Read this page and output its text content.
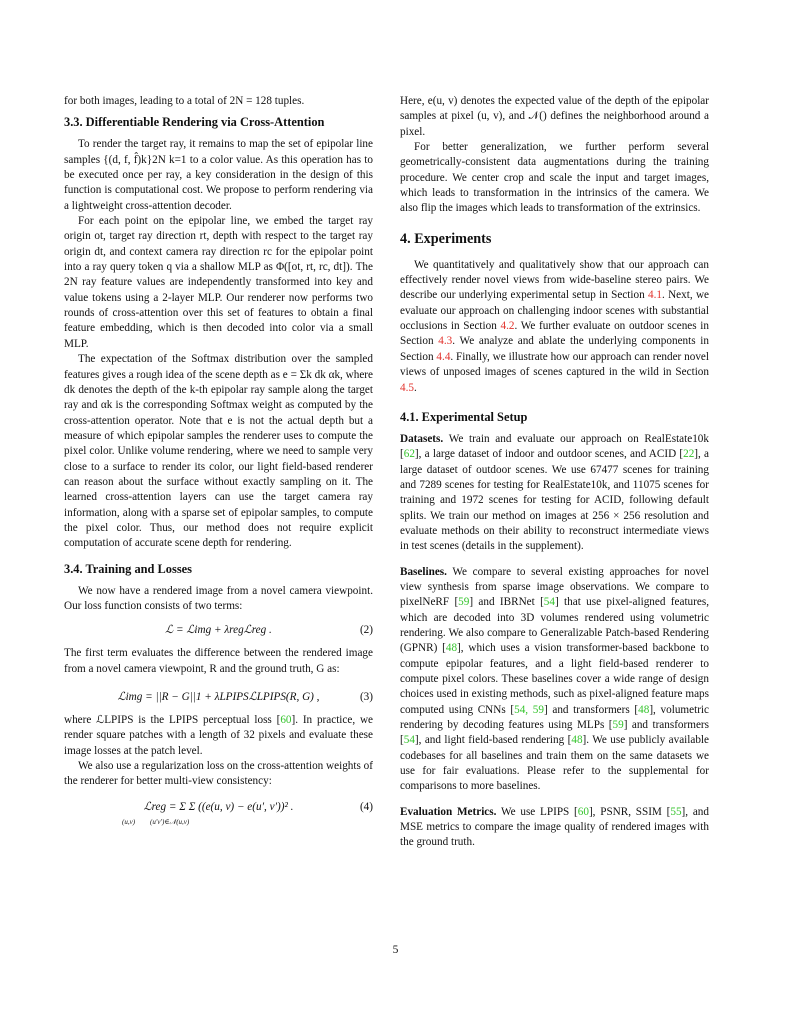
for both images, leading to a total of 2N = 128 tuples.

3.3. Differentiable Rendering via Cross-Attention

To render the target ray, it remains to map the set of epipolar line samples {(d, f, f̂)k}2N k=1 to a color value. As this operation has to be executed once per ray, a key consideration in the design of this function is computational cost. We propose to perform rendering via a lightweight cross-attention decoder.

For each point on the epipolar line, we embed the target ray origin ot, target ray direction rt, depth with respect to the target ray origin dt, and context camera ray direction rc for the epipolar point into a ray query token q via a shallow MLP as Φ([ot, rt, rc, dt]). The 2N ray feature values are independently transformed into key and value tokens using a 2-layer MLP. Our renderer now performs two rounds of cross-attention over this set of features to obtain a final feature embedding, which is then decoded into color via a small MLP.

The expectation of the Softmax distribution over the sampled features gives a rough idea of the scene depth as e = Σk dk αk, where dk denotes the depth of the k-th epipolar ray sample along the target ray and αk is the corresponding Softmax weight as computed by the cross-attention operator. Note that e is not the actual depth but a measure of which epipolar samples the renderer uses to compute the pixel color. Unlike volume rendering, where we need to sample very close to a surface to render its color, our light field-based renderer can reason about the surface without exactly sampling on it. The learned cross-attention layers can use the target camera ray information, along with a sparse set of epipolar samples, to compute the pixel color. Thus, our method does not require explicit computation of accurate scene depth for rendering.

3.4. Training and Losses

We now have a rendered image from a novel camera viewpoint. Our loss function consists of two terms:

ℒ = ℒimg + λregℒreg .	(2)

The first term evaluates the difference between the rendered image from a novel camera viewpoint, R and the ground truth, G as:

ℒimg = ||R − G||1 + λLPIPSℒLPIPS(R, G) ,	(3)

where ℒLPIPS is the LPIPS perceptual loss [60]. In practice, we render square patches with a length of 32 pixels and evaluate these image losses at the patch level.

We also use a regularization loss on the cross-attention weights of the renderer for better multi-view consistency:

ℒreg = Σ Σ ((e(u, v) − e(u′, v′))² .
(u,v) (u′v′)∈𝒩(u,v)
(4)

Here, e(u, v) denotes the expected value of the depth of the epipolar samples at pixel (u, v), and 𝒩() defines the neighborhood around a pixel.

For better generalization, we further perform several geometrically-consistent data augmentations during the training procedure. We center crop and scale the input and target images, which leads to transformation in the intrinsics of the camera. We also flip the images which leads to transformation of the extrinsics.

4. Experiments

We quantitatively and qualitatively show that our approach can effectively render novel views from wide-baseline stereo pairs. We describe our underlying experimental setup in Section 4.1. Next, we evaluate our approach on challenging indoor scenes with substantial occlusions in Section 4.2. We further evaluate on outdoor scenes in Section 4.3. We analyze and ablate the underlying components in Section 4.4. Finally, we illustrate how our approach can render novel views of unposed images of scenes captured in the wild in Section 4.5.

4.1. Experimental Setup

Datasets. We train and evaluate our approach on RealEstate10k [62], a large dataset of indoor and outdoor scenes, and ACID [22], a large dataset of outdoor scenes. We use 67477 scenes for training and 7289 scenes for testing for RealEstate10k, and 11075 scenes for training and 1972 scenes for testing for ACID, following default splits. We train our method on images at 256 × 256 resolution and evaluate methods on their ability to reconstruct intermediate views in test scenes (details in the supplement).

Baselines. We compare to several existing approaches for novel view synthesis from sparse image observations. We compare to pixelNeRF [59] and IBRNet [54] that use pixel-aligned features, which are decoded into 3D volumes rendered using volumetric rendering. We also compare to Generalizable Patch-based Rendering (GPNR) [48], which uses a vision transformer-based backbone to compute epipolar features, and a light field-based renderer to compute pixel colors. These baselines cover a wide range of design choices used in existing methods, such as pixel-aligned feature maps computed using CNNs [54, 59] and transformers [48], volumetric rendering by decoding features using MLPs [59] and transformers [54], and light field-based rendering [48]. We use publicly available codebases for all baselines and train them on the same datasets we use for fair evaluations. Please refer to the supplemental for comparisons to more baselines.

Evaluation Metrics. We use LPIPS [60], PSNR, SSIM [55], and MSE metrics to compare the image quality of rendered images with the ground truth.

5
